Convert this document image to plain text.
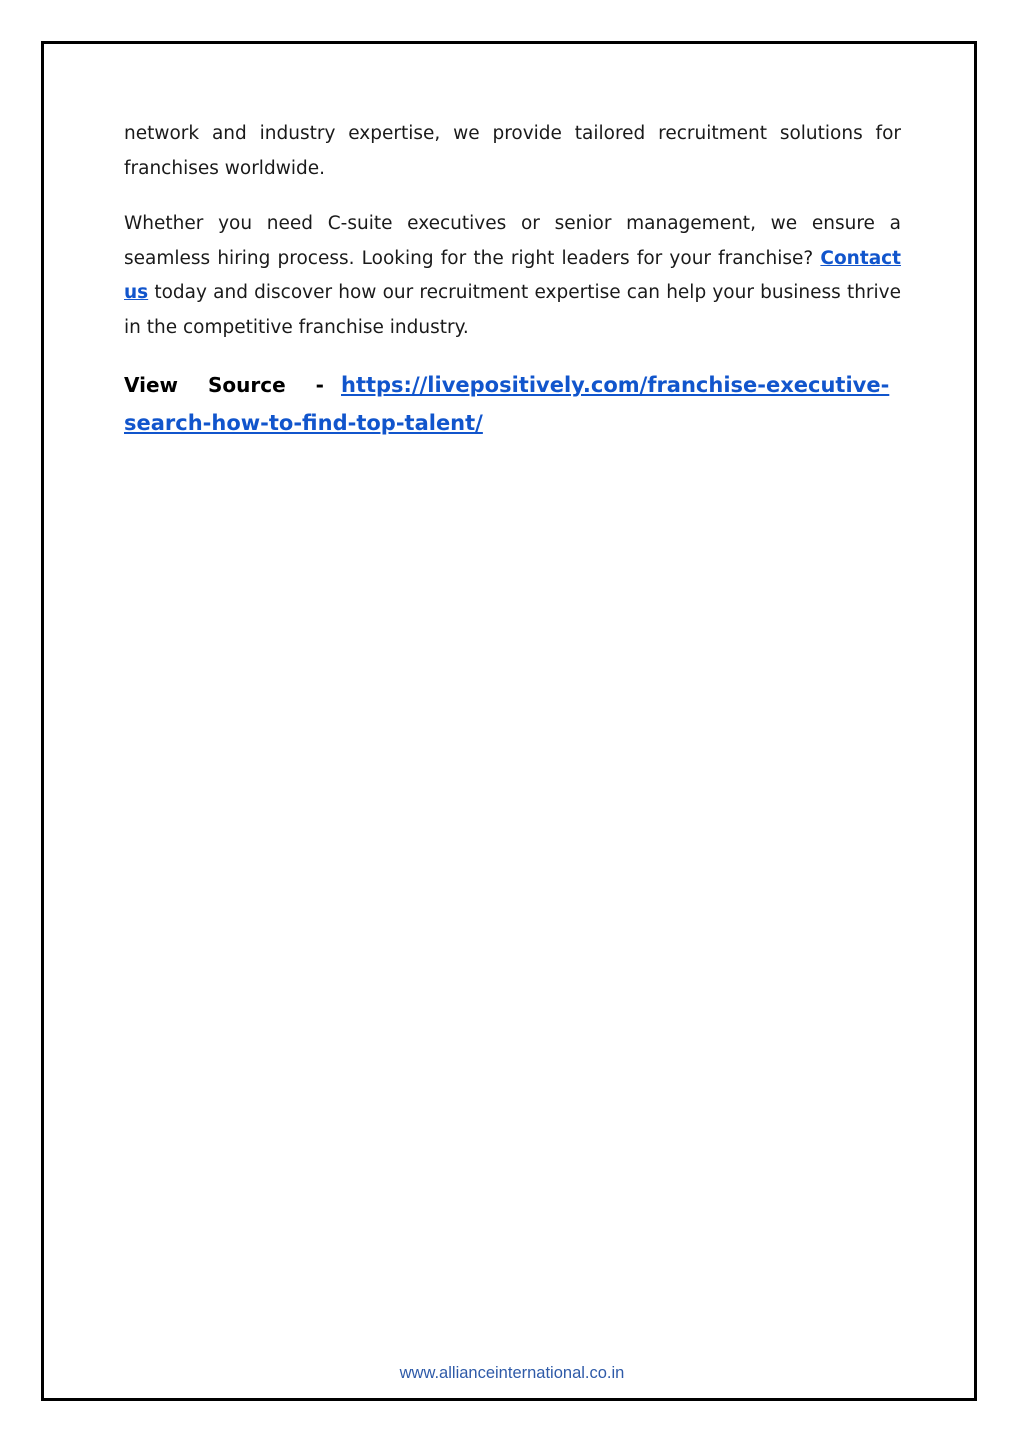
network and industry expertise, we provide tailored recruitment solutions for franchises worldwide.

Whether you need C-suite executives or senior management, we ensure a seamless hiring process. Looking for the right leaders for your franchise? Contact us today and discover how our recruitment expertise can help your business thrive in the competitive franchise industry.

View Source - https://livepositively.com/franchise-executive-
search-how-to-find-top-talent/
www.allianceinternational.co.in
